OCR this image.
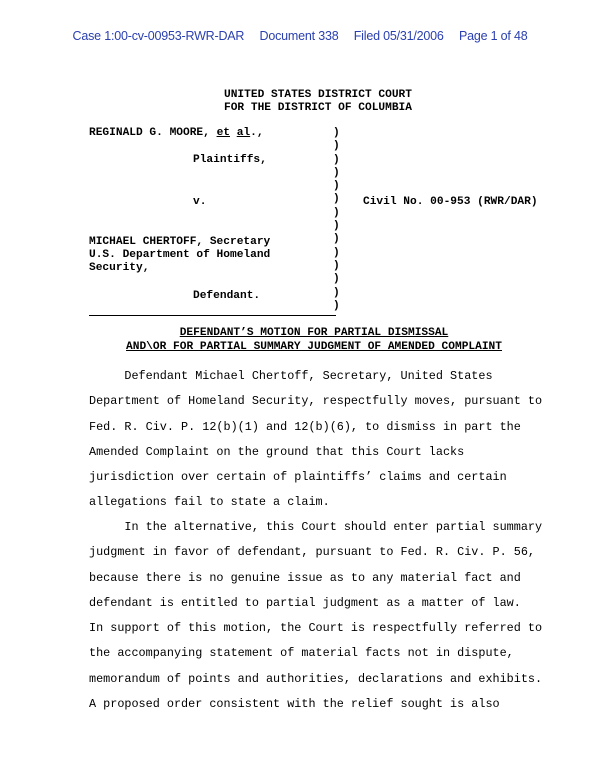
Case 1:00-cv-00953-RWR-DAR Document 338 Filed 05/31/2006 Page 1 of 48
UNITED STATES DISTRICT COURT
FOR THE DISTRICT OF COLUMBIA
REGINALD G. MOORE, et al.,
Plaintiffs,
v.	Civil No. 00-953 (RWR/DAR)
MICHAEL CHERTOFF, Secretary
U.S. Department of Homeland
Security,
Defendant.
)
)
)
)
)
)
)
)
)
)
)
)
)
)
DEFENDANT’S MOTION FOR PARTIAL DISMISSAL
AND\OR FOR PARTIAL SUMMARY JUDGMENT OF AMENDED COMPLAINT
Defendant Michael Chertoff, Secretary, United States
Department of Homeland Security, respectfully moves, pursuant to
Fed. R. Civ. P. 12(b)(1) and 12(b)(6), to dismiss in part the
Amended Complaint on the ground that this Court lacks
jurisdiction over certain of plaintiffs’ claims and certain
allegations fail to state a claim.
In the alternative, this Court should enter partial summary
judgment in favor of defendant, pursuant to Fed. R. Civ. P. 56,
because there is no genuine issue as to any material fact and
defendant is entitled to partial judgment as a matter of law.
In support of this motion, the Court is respectfully referred to
the accompanying statement of material facts not in dispute,
memorandum of points and authorities, declarations and exhibits.
A proposed order consistent with the relief sought is also
